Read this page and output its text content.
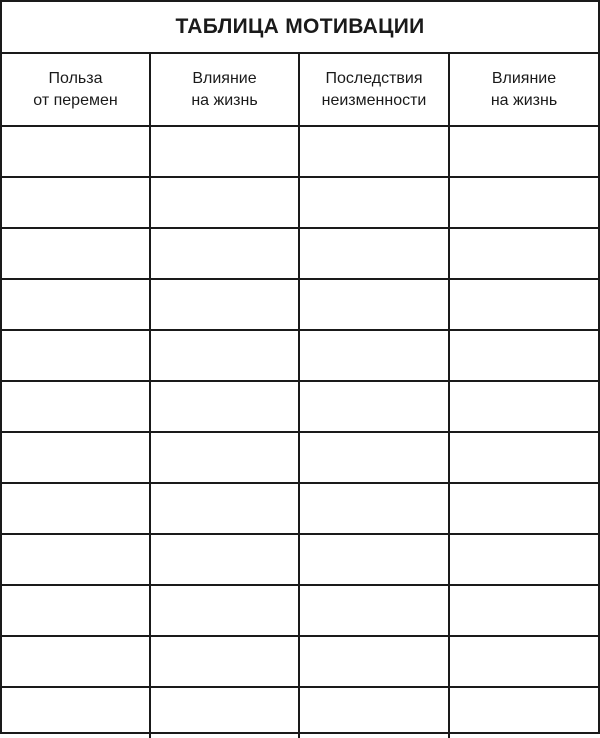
ТАБЛИЦА МОТИВАЦИИ
Польза
от перемен
Влияние
на жизнь
Последствия
неизменности
Влияние
на жизнь
